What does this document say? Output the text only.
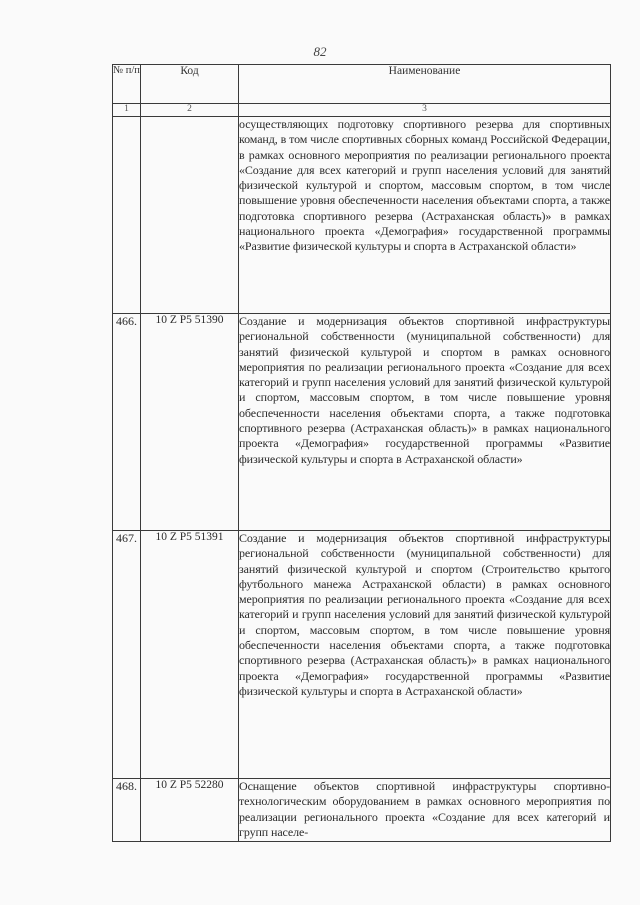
82
№ п/п	Код	Наименование
1	2	3
		осуществляющих подготовку спортивного резерва для спортивных команд, в том числе спортивных сборных команд Российской Федерации, в рамках основного мероприятия по реализации регионального проекта «Создание для всех категорий и групп населения условий для занятий физической культурой и спортом, массовым спортом, в том числе повышение уровня обеспеченности населения объектами спорта, а также подготовка спортивного резерва (Астраханская область)» в рамках национального проекта «Демография» государственной программы «Развитие физической культуры и спорта в Астраханской области»
466.	10 Z P5 51390	Создание и модернизация объектов спортивной инфраструктуры региональной собственности (муниципальной собственности) для занятий физической культурой и спортом в рамках основного мероприятия по реализации регионального проекта «Создание для всех категорий и групп населения условий для занятий физической культурой и спортом, массовым спортом, в том числе повышение уровня обеспеченности населения объектами спорта, а также подготовка спортивного резерва (Астраханская область)» в рамках национального проекта «Демография» государственной программы «Развитие физической культуры и спорта в Астраханской области»
467.	10 Z P5 51391	Создание и модернизация объектов спортивной инфраструктуры региональной собственности (муниципальной собственности) для занятий физической культурой и спортом (Строительство крытого футбольного манежа Астраханской области) в рамках основного мероприятия по реализации регионального проекта «Создание для всех категорий и групп населения условий для занятий физической культурой и спортом, массовым спортом, в том числе повышение уровня обеспеченности населения объектами спорта, а также подготовка спортивного резерва (Астраханская область)» в рамках национального проекта «Демография» государственной программы «Развитие физической культуры и спорта в Астраханской области»
468.	10 Z P5 52280	Оснащение объектов спортивной инфраструктуры спортивно-технологическим оборудованием в рамках основного мероприятия по реализации регионального проекта «Создание для всех категорий и групп населе-
